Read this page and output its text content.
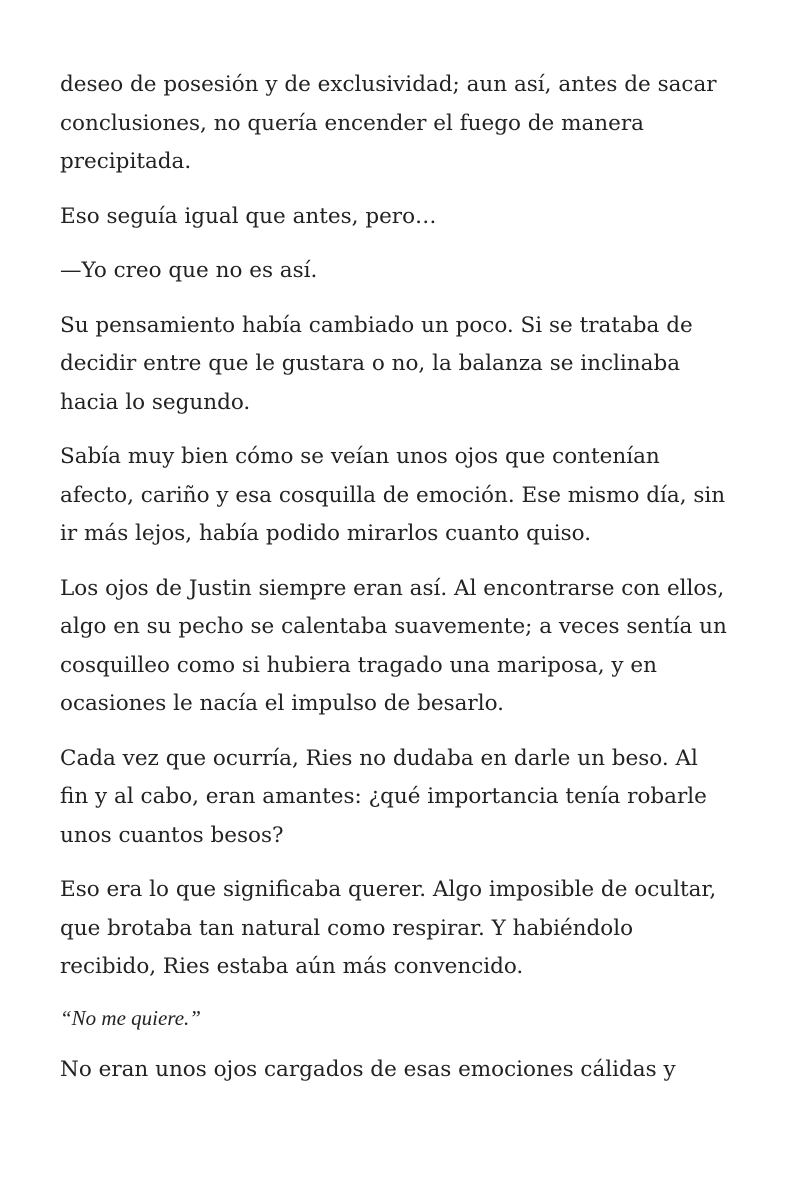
deseo de posesión y de exclusividad; aun así, antes de sacar
conclusiones, no quería encender el fuego de manera
precipitada.
Eso seguía igual que antes, pero…
—Yo creo que no es así.
Su pensamiento había cambiado un poco. Si se trataba de
decidir entre que le gustara o no, la balanza se inclinaba
hacia lo segundo.
Sabía muy bien cómo se veían unos ojos que contenían
afecto, cariño y esa cosquilla de emoción. Ese mismo día, sin
ir más lejos, había podido mirarlos cuanto quiso.
Los ojos de Justin siempre eran así. Al encontrarse con ellos,
algo en su pecho se calentaba suavemente; a veces sentía un
cosquilleo como si hubiera tragado una mariposa, y en
ocasiones le nacía el impulso de besarlo.
Cada vez que ocurría, Ries no dudaba en darle un beso. Al
fin y al cabo, eran amantes: ¿qué importancia tenía robarle
unos cuantos besos?
Eso era lo que significaba querer. Algo imposible de ocultar,
que brotaba tan natural como respirar. Y habiéndolo
recibido, Ries estaba aún más convencido.
“No me quiere.”
No eran unos ojos cargados de esas emociones cálidas y
